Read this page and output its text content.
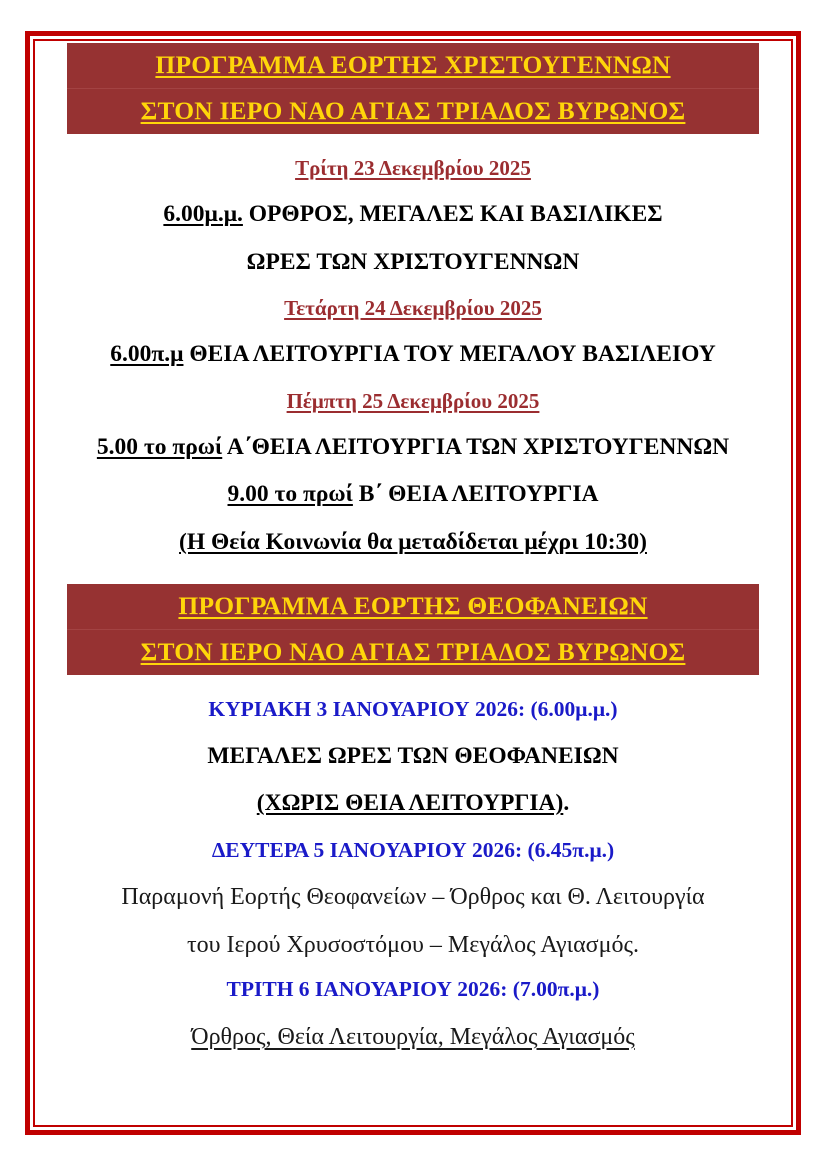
ΠΡΟΓΡΑΜΜΑ ΕΟΡΤΗΣ ΧΡΙΣΤΟΥΓΕΝΝΩΝ
ΣΤΟΝ ΙΕΡΟ ΝΑΟ ΑΓΙΑΣ ΤΡΙΑΔΟΣ ΒΥΡΩΝΟΣ
Τρίτη 23 Δεκεμβρίου 2025
6.00μ.μ. ΟΡΘΡΟΣ, ΜΕΓΑΛΕΣ ΚΑΙ ΒΑΣΙΛΙΚΕΣ
ΩΡΕΣ ΤΩΝ ΧΡΙΣΤΟΥΓΕΝΝΩΝ
Τετάρτη 24 Δεκεμβρίου 2025
6.00π.μ ΘΕΙΑ ΛΕΙΤΟΥΡΓΙΑ ΤΟΥ ΜΕΓΑΛΟΥ ΒΑΣΙΛΕΙΟΥ
Πέμπτη 25 Δεκεμβρίου 2025
5.00 το πρωί Α΄ΘΕΙΑ ΛΕΙΤΟΥΡΓΙΑ ΤΩΝ ΧΡΙΣΤΟΥΓΕΝΝΩΝ
9.00 το πρωί Β΄ ΘΕΙΑ ΛΕΙΤΟΥΡΓΙΑ
(Η Θεία Κοινωνία θα μεταδίδεται μέχρι 10:30)
ΠΡΟΓΡΑΜΜΑ ΕΟΡΤΗΣ ΘΕΟΦΑΝΕΙΩΝ
ΣΤΟΝ ΙΕΡΟ ΝΑΟ ΑΓΙΑΣ ΤΡΙΑΔΟΣ ΒΥΡΩΝΟΣ
ΚΥΡΙΑΚΗ 3 ΙΑΝΟΥΑΡΙΟΥ 2026: (6.00μ.μ.)
ΜΕΓΑΛΕΣ ΩΡΕΣ ΤΩΝ ΘΕΟΦΑΝΕΙΩΝ
(ΧΩΡΙΣ ΘΕΙΑ ΛΕΙΤΟΥΡΓΙΑ).
ΔΕΥΤΕΡΑ 5 ΙΑΝΟΥΑΡΙΟΥ 2026: (6.45π.μ.)
Παραμονή Εορτής Θεοφανείων – Όρθρος και Θ. Λειτουργία
του Ιερού Χρυσοστόμου – Μεγάλος Αγιασμός.
ΤΡΙΤΗ 6 ΙΑΝΟΥΑΡΙΟΥ 2026: (7.00π.μ.)
Όρθρος, Θεία Λειτουργία, Μεγάλος Αγιασμός
